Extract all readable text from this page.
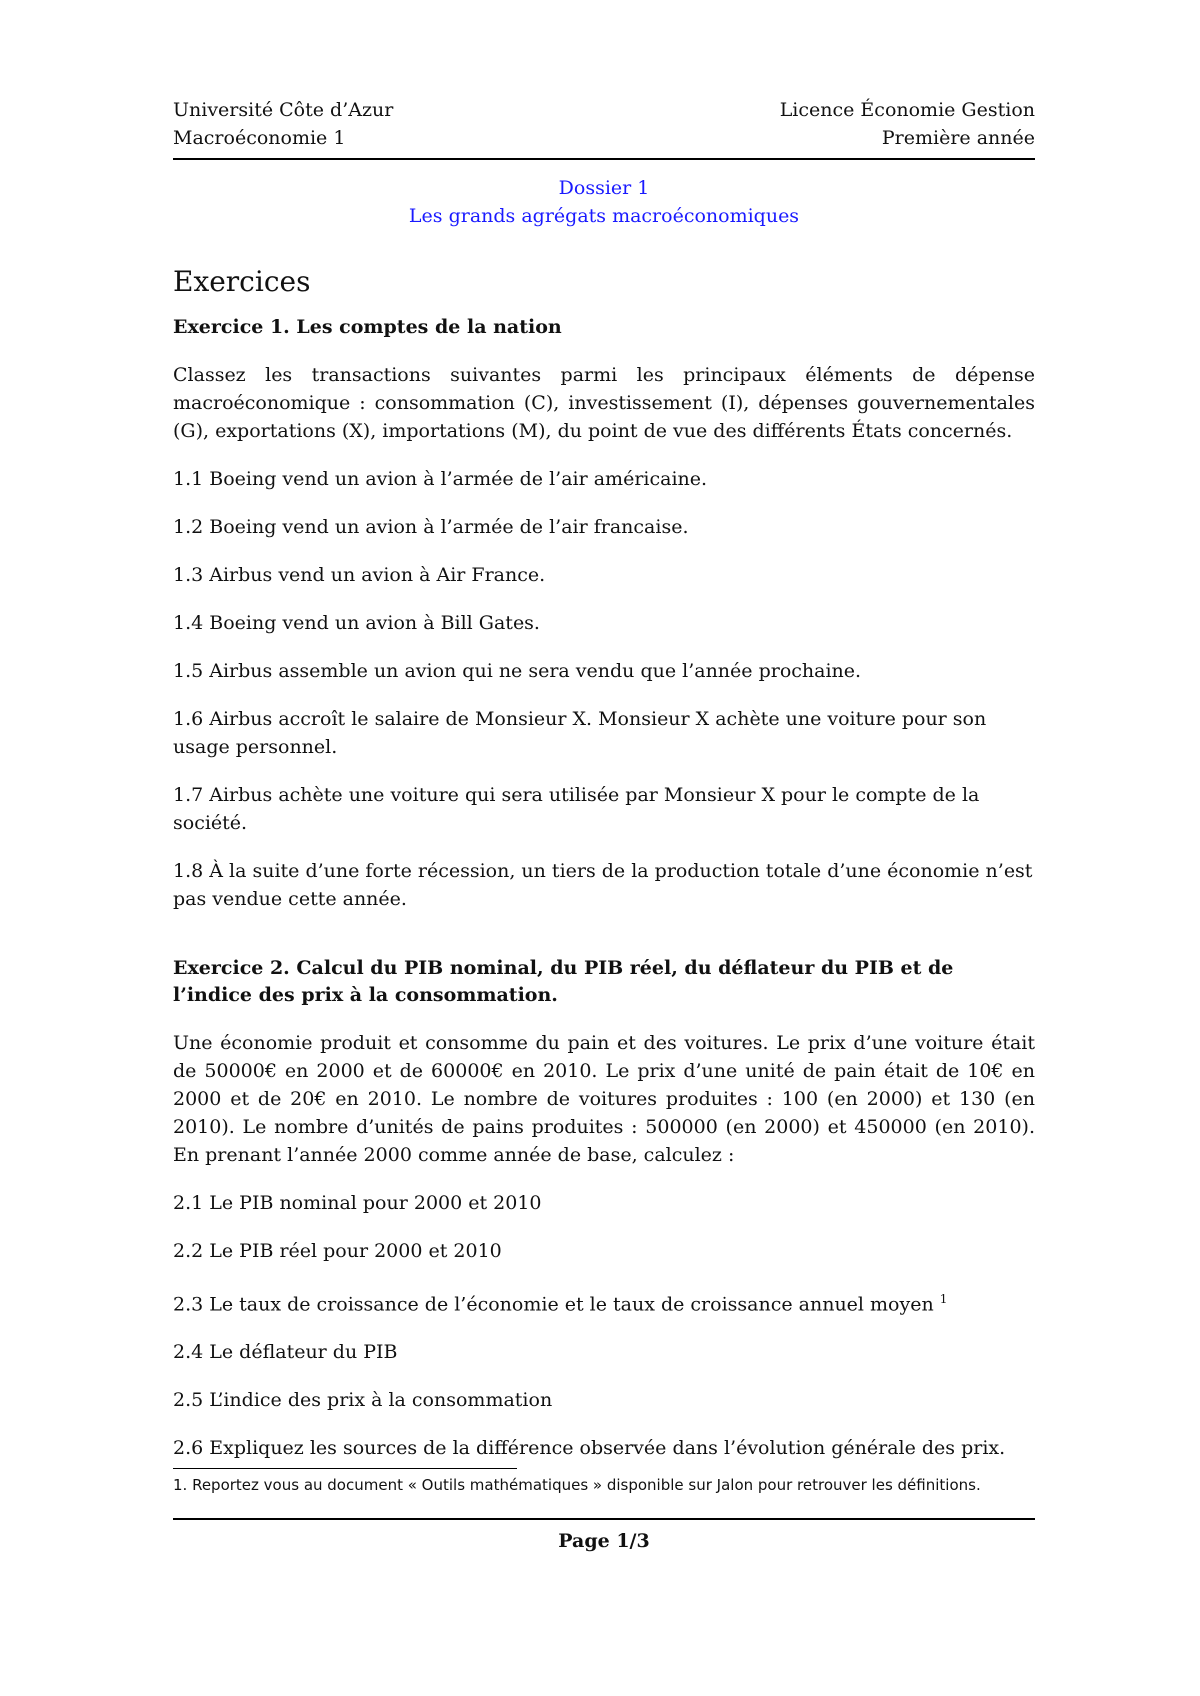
Université Côte d’Azur	Licence Économie Gestion
Macroéconomie 1	Première année
Dossier 1
Les grands agrégats macroéconomiques
Exercices
Exercice 1. Les comptes de la nation

Classez les transactions suivantes parmi les principaux éléments de dépense macroéconomique : consommation (C), investissement (I), dépenses gouvernementales (G), exportations (X), importations (M), du point de vue des différents États concernés.

1.1 Boeing vend un avion à l’armée de l’air américaine.

1.2 Boeing vend un avion à l’armée de l’air francaise.

1.3 Airbus vend un avion à Air France.

1.4 Boeing vend un avion à Bill Gates.

1.5 Airbus assemble un avion qui ne sera vendu que l’année prochaine.

1.6 Airbus accroît le salaire de Monsieur X. Monsieur X achète une voiture pour son usage personnel.

1.7 Airbus achète une voiture qui sera utilisée par Monsieur X pour le compte de la société.

1.8 À la suite d’une forte récession, un tiers de la production totale d’une économie n’est pas vendue cette année.

Exercice 2. Calcul du PIB nominal, du PIB réel, du déflateur du PIB et de l’indice des prix à la consommation.

Une économie produit et consomme du pain et des voitures. Le prix d’une voiture était de 50000€ en 2000 et de 60000€ en 2010. Le prix d’une unité de pain était de 10€ en 2000 et de 20€ en 2010. Le nombre de voitures produites : 100 (en 2000) et 130 (en 2010). Le nombre d’unités de pains produites : 500000 (en 2000) et 450000 (en 2010). En prenant l’année 2000 comme année de base, calculez :

2.1 Le PIB nominal pour 2000 et 2010

2.2 Le PIB réel pour 2000 et 2010

2.3 Le taux de croissance de l’économie et le taux de croissance annuel moyen $^1$

2.4 Le déflateur du PIB

2.5 L’indice des prix à la consommation

2.6 Expliquez les sources de la différence observée dans l’évolution générale des prix.

1. Reportez vous au document « Outils mathématiques » disponible sur Jalon pour retrouver les définitions.
Page 1/3
